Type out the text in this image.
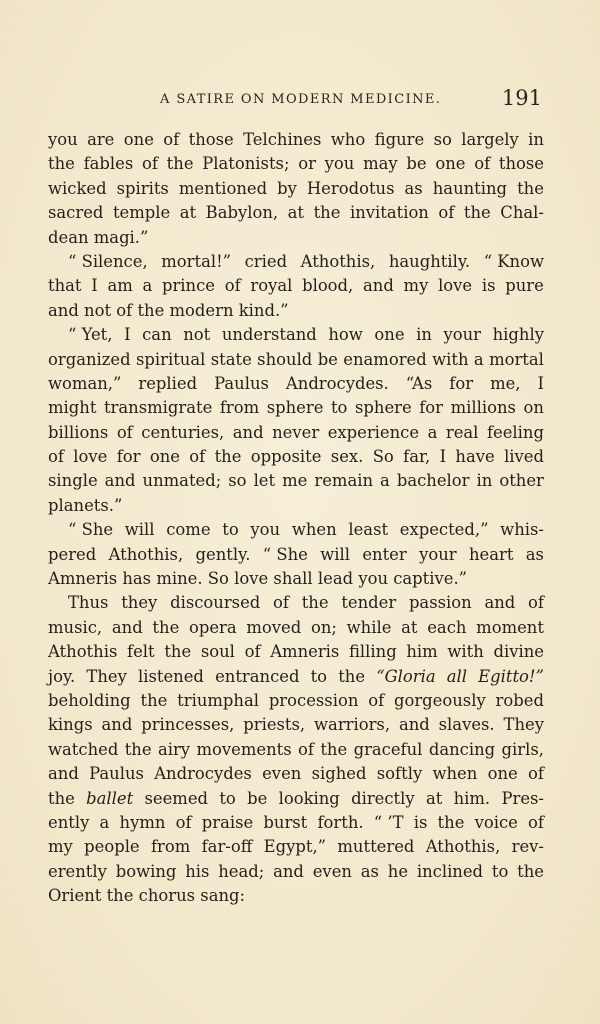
A SATIRE ON MODERN MEDICINE.	191
you are one of those Telchines who figure so largely in
the fables of the Platonists; or you may be one of those
wicked spirits mentioned by Herodotus as haunting the
sacred temple at Babylon, at the invitation of the Chal-
dean magi.”
“ Silence, mortal!” cried Athothis, haughtily. “ Know
that I am a prince of royal blood, and my love is pure
and not of the modern kind.”
“ Yet, I can not understand how one in your highly
organized spiritual state should be enamored with a mortal
woman,” replied Paulus Androcydes. “As for me, I
might transmigrate from sphere to sphere for millions on
billions of centuries, and never experience a real feeling
of love for one of the opposite sex. So far, I have lived
single and unmated; so let me remain a bachelor in other
planets.”
“ She will come to you when least expected,” whis-
pered Athothis, gently. “ She will enter your heart as
Amneris has mine. So love shall lead you captive.”
Thus they discoursed of the tender passion and of
music, and the opera moved on; while at each moment
Athothis felt the soul of Amneris filling him with divine
joy. They listened entranced to the “Gloria all Egitto!”
beholding the triumphal procession of gorgeously robed
kings and princesses, priests, warriors, and slaves. They
watched the airy movements of the graceful dancing girls,
and Paulus Androcydes even sighed softly when one of
the ballet seemed to be looking directly at him. Pres-
ently a hymn of praise burst forth. “ ’T is the voice of
my people from far-off Egypt,” muttered Athothis, rev-
erently bowing his head; and even as he inclined to the
Orient the chorus sang:
